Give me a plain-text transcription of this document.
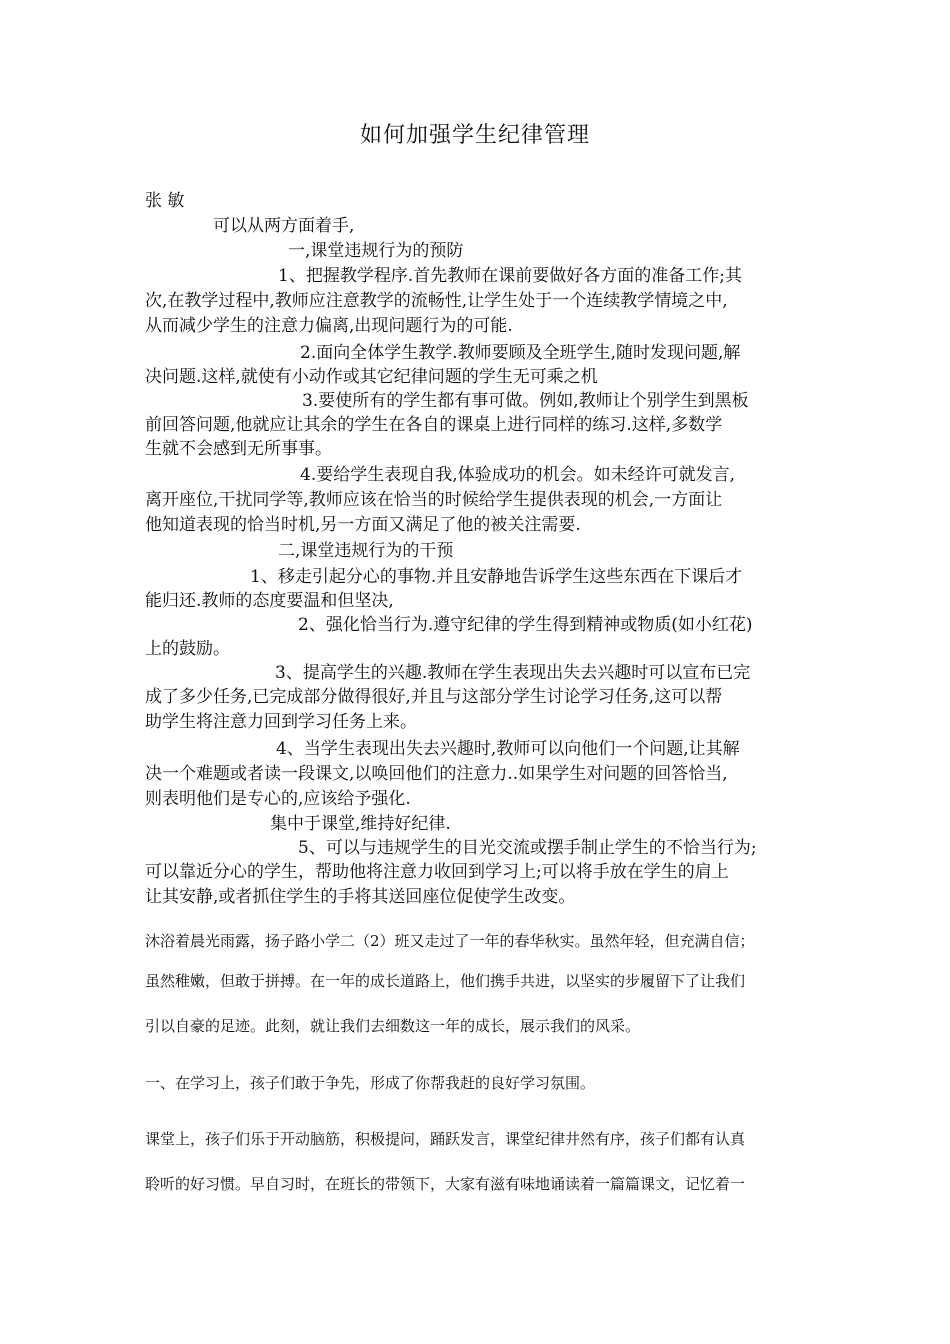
如何加强学生纪律管理
张 敏
可以从两方面着手,
一,课堂违规行为的预防
1、把握教学程序.首先教师在课前要做好各方面的准备工作;其
次,在教学过程中,教师应注意教学的流畅性,让学生处于一个连续教学情境之中,
从而减少学生的注意力偏离,出现问题行为的可能.
2.面向全体学生教学.教师要顾及全班学生,随时发现问题,解
决问题.这样,就使有小动作或其它纪律问题的学生无可乘之机
3.要使所有的学生都有事可做。例如,教师让个别学生到黑板
前回答问题,他就应让其余的学生在各自的课桌上进行同样的练习.这样,多数学
生就不会感到无所事事。
4.要给学生表现自我,体验成功的机会。如未经许可就发言,
离开座位,干扰同学等,教师应该在恰当的时候给学生提供表现的机会,一方面让
他知道表现的恰当时机,另一方面又满足了他的被关注需要.
二,课堂违规行为的干预
1、移走引起分心的事物.并且安静地告诉学生这些东西在下课后才
能归还.教师的态度要温和但坚决,
2、强化恰当行为.遵守纪律的学生得到精神或物质(如小红花)
上的鼓励。
3、提高学生的兴趣.教师在学生表现出失去兴趣时可以宣布已完
成了多少任务,已完成部分做得很好,并且与这部分学生讨论学习任务,这可以帮
助学生将注意力回到学习任务上来。
4、当学生表现出失去兴趣时,教师可以向他们一个问题,让其解
决一个难题或者读一段课文,以唤回他们的注意力..如果学生对问题的回答恰当,
则表明他们是专心的,应该给予强化.
集中于课堂,维持好纪律.
5、可以与违规学生的目光交流或摆手制止学生的不恰当行为;
可以靠近分心的学生，帮助他将注意力收回到学习上;可以将手放在学生的肩上
让其安静,或者抓住学生的手将其送回座位促使学生改变。
沐浴着晨光雨露，扬子路小学二（2）班又走过了一年的春华秋实。虽然年轻，但充满自信；
虽然稚嫩，但敢于拼搏。在一年的成长道路上，他们携手共进，以坚实的步履留下了让我们
引以自豪的足迹。此刻，就让我们去细数这一年的成长，展示我们的风采。
一、在学习上，孩子们敢于争先，形成了你帮我赶的良好学习氛围。
课堂上，孩子们乐于开动脑筋，积极提问，踊跃发言，课堂纪律井然有序，孩子们都有认真
聆听的好习惯。早自习时，在班长的带领下，大家有滋有味地诵读着一篇篇课文，记忆着一
